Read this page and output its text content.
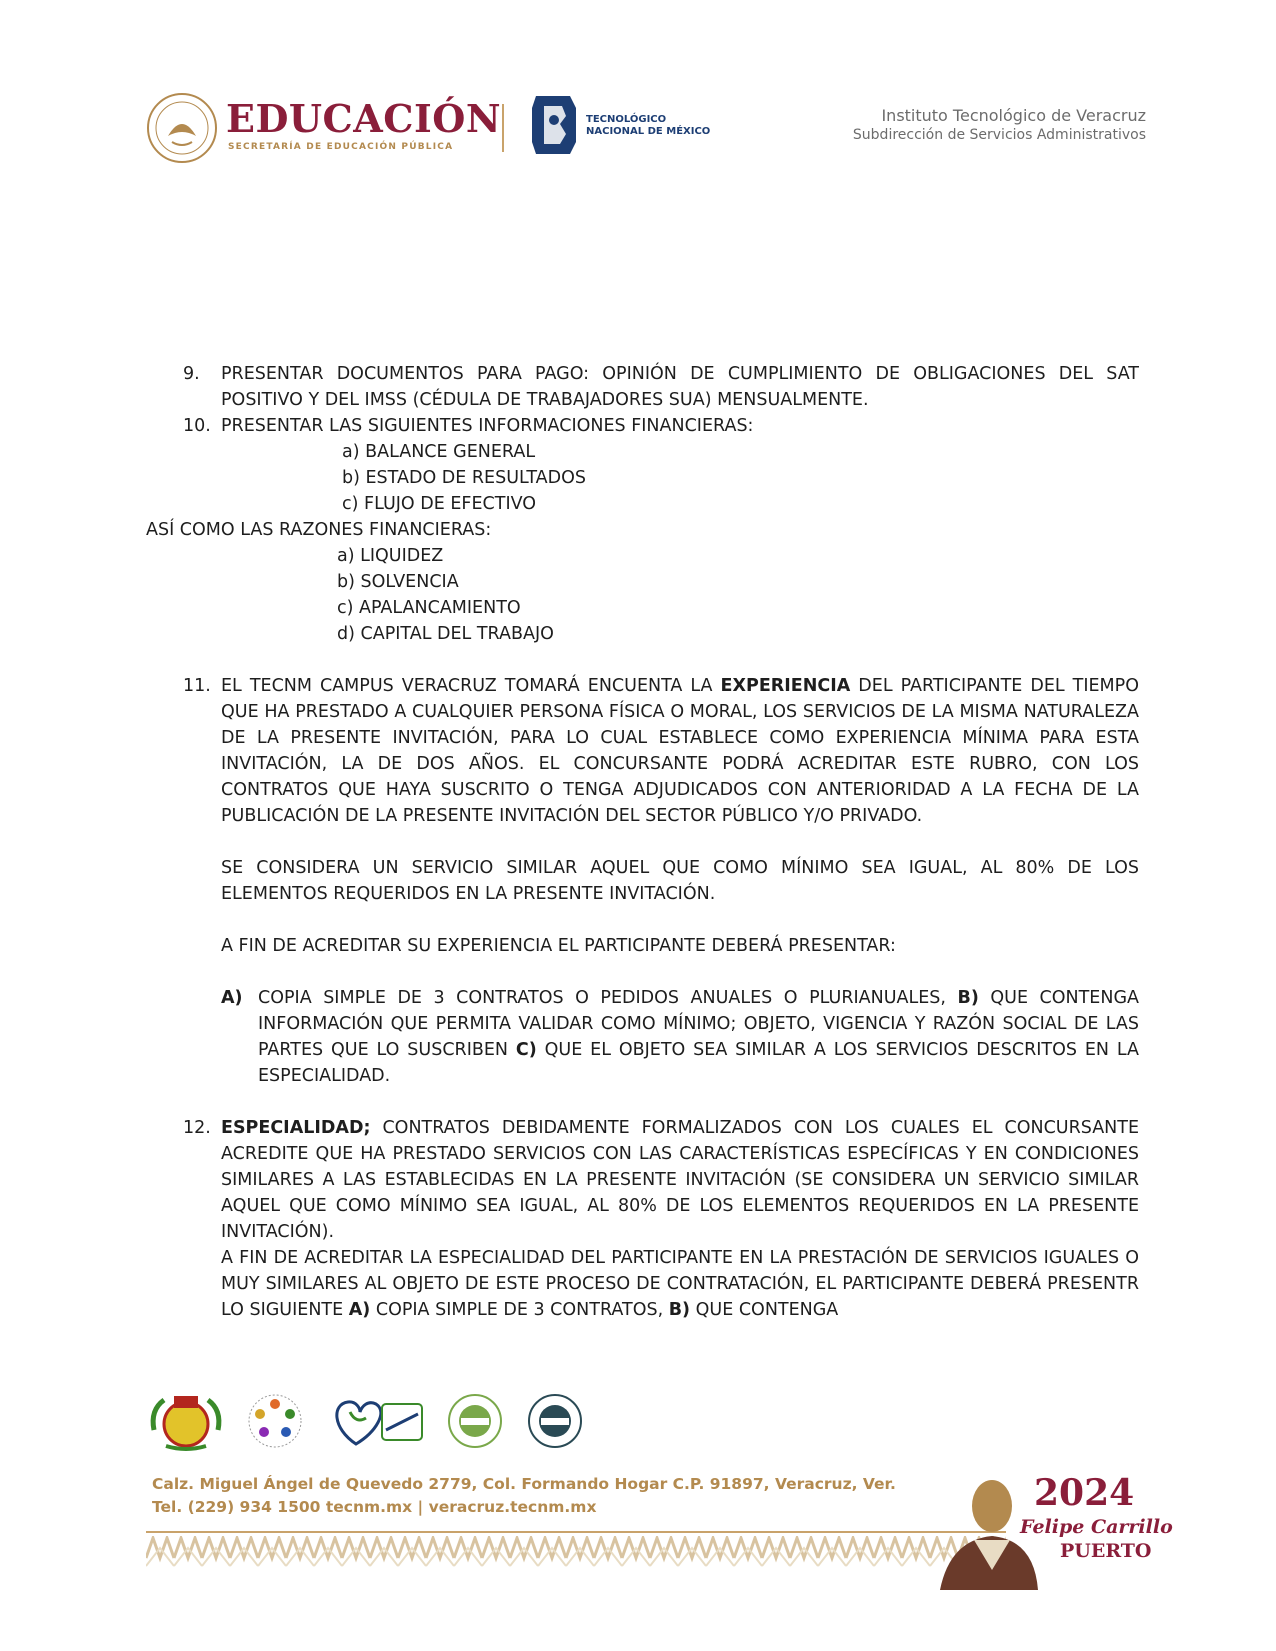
EDUCACIÓN
SECRETARÍA DE EDUCACIÓN PÚBLICA
TECNOLÓGICO
NACIONAL DE MÉXICO
Instituto Tecnológico de Veracruz
Subdirección de Servicios Administrativos
9. PRESENTAR DOCUMENTOS PARA PAGO: OPINIÓN DE CUMPLIMIENTO DE OBLIGACIONES DEL SAT POSITIVO Y DEL IMSS (CÉDULA DE TRABAJADORES SUA) MENSUALMENTE.
10. PRESENTAR LAS SIGUIENTES INFORMACIONES FINANCIERAS:
a) BALANCE GENERAL
b) ESTADO DE RESULTADOS
c) FLUJO DE EFECTIVO
ASÍ COMO LAS RAZONES FINANCIERAS:
a) LIQUIDEZ
b) SOLVENCIA
c) APALANCAMIENTO
d) CAPITAL DEL TRABAJO
11. EL TECNM CAMPUS VERACRUZ TOMARÁ ENCUENTA LA EXPERIENCIA DEL PARTICIPANTE DEL TIEMPO QUE HA PRESTADO A CUALQUIER PERSONA FÍSICA O MORAL, LOS SERVICIOS DE LA MISMA NATURALEZA DE LA PRESENTE INVITACIÓN, PARA LO CUAL ESTABLECE COMO EXPERIENCIA MÍNIMA PARA ESTA INVITACIÓN, LA DE DOS AÑOS. EL CONCURSANTE PODRÁ ACREDITAR ESTE RUBRO, CON LOS CONTRATOS QUE HAYA SUSCRITO O TENGA ADJUDICADOS CON ANTERIORIDAD A LA FECHA DE LA PUBLICACIÓN DE LA PRESENTE INVITACIÓN DEL SECTOR PÚBLICO Y/O PRIVADO.
SE CONSIDERA UN SERVICIO SIMILAR AQUEL QUE COMO MÍNIMO SEA IGUAL, AL 80% DE LOS ELEMENTOS REQUERIDOS EN LA PRESENTE INVITACIÓN.
A FIN DE ACREDITAR SU EXPERIENCIA EL PARTICIPANTE DEBERÁ PRESENTAR:
A) COPIA SIMPLE DE 3 CONTRATOS O PEDIDOS ANUALES O PLURIANUALES, B) QUE CONTENGA INFORMACIÓN QUE PERMITA VALIDAR COMO MÍNIMO; OBJETO, VIGENCIA Y RAZÓN SOCIAL DE LAS PARTES QUE LO SUSCRIBEN C) QUE EL OBJETO SEA SIMILAR A LOS SERVICIOS DESCRITOS EN LA ESPECIALIDAD.
12. ESPECIALIDAD; CONTRATOS DEBIDAMENTE FORMALIZADOS CON LOS CUALES EL CONCURSANTE ACREDITE QUE HA PRESTADO SERVICIOS CON LAS CARACTERÍSTICAS ESPECÍFICAS Y EN CONDICIONES SIMILARES A LAS ESTABLECIDAS EN LA PRESENTE INVITACIÓN (SE CONSIDERA UN SERVICIO SIMILAR AQUEL QUE COMO MÍNIMO SEA IGUAL, AL 80% DE LOS ELEMENTOS REQUERIDOS EN LA PRESENTE INVITACIÓN).
A FIN DE ACREDITAR LA ESPECIALIDAD DEL PARTICIPANTE EN LA PRESTACIÓN DE SERVICIOS IGUALES O MUY SIMILARES AL OBJETO DE ESTE PROCESO DE CONTRATACIÓN, EL PARTICIPANTE DEBERÁ PRESENTR LO SIGUIENTE A) COPIA SIMPLE DE 3 CONTRATOS, B) QUE CONTENGA
Calz. Miguel Ángel de Quevedo 2779, Col. Formando Hogar C.P. 91897, Veracruz, Ver.
Tel. (229) 934 1500 tecnm.mx | veracruz.tecnm.mx	2024
Felipe Carrillo
PUERTO
